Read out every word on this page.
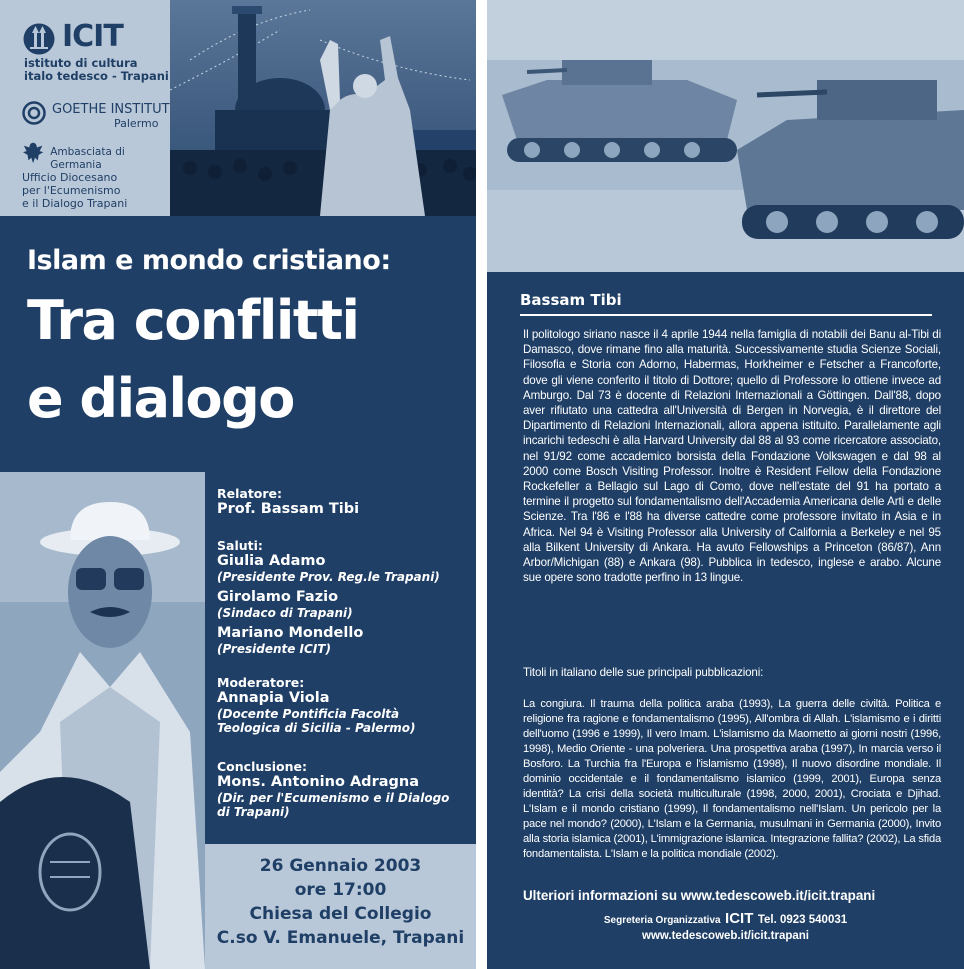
ICIT
istituto di cultura
italo tedesco - Trapani
GOETHE INSTITUT
Palermo
Ambasciata di Germania
Ufficio Diocesano
per l'Ecumenismo
e il Dialogo Trapani
Islam e mondo cristiano:
Tra conflitti
e dialogo
Relatore:
Prof. Bassam Tibi
Saluti:
Giulia Adamo
(Presidente Prov. Reg.le Trapani)
Girolamo Fazio
(Sindaco di Trapani)
Mariano Mondello
(Presidente ICIT)
Moderatore:
Annapia Viola
(Docente Pontificia Facoltà
Teologica di Sicilia - Palermo)
Conclusione:
Mons. Antonino Adragna
(Dir. per l'Ecumenismo e il Dialogo
di Trapani)
26 Gennaio 2003
ore 17:00
Chiesa del Collegio
C.so V. Emanuele, Trapani
Bassam Tibi
Il politologo siriano nasce il 4 aprile 1944 nella famiglia di notabili dei Banu al-Tibi di Damasco, dove rimane fino alla maturità. Successivamente studia Scienze Sociali, Filosofia e Storia con Adorno, Habermas, Horkheimer e Fetscher a Francoforte, dove gli viene conferito il titolo di Dottore; quello di Professore lo ottiene invece ad Amburgo. Dal 73 è docente di Relazioni Internazionali a Göttingen. Dall'88, dopo aver rifiutato una cattedra all'Università di Bergen in Norvegia, è il direttore del Dipartimento di Relazioni Internazionali, allora appena istituito. Parallelamente agli incarichi tedeschi è alla Harvard University dal 88 al 93 come ricercatore associato, nel 91/92 come accademico borsista della Fondazione Volkswagen e dal 98 al 2000 come Bosch Visiting Professor. Inoltre è Resident Fellow della Fondazione Rockefeller a Bellagio sul Lago di Como, dove nell'estate del 91 ha portato a termine il progetto sul fondamentalismo dell'Accademia Americana delle Arti e delle Scienze. Tra l'86 e l'88 ha diverse cattedre come professore invitato in Asia e in Africa. Nel 94 è Visiting Professor alla University of California a Berkeley e nel 95 alla Bilkent University di Ankara. Ha avuto Fellowships a Princeton (86/87), Ann Arbor/Michigan (88) e Ankara (98). Pubblica in tedesco, inglese e arabo. Alcune sue opere sono tradotte perfino in 13 lingue.
Titoli in italiano delle sue principali pubblicazioni:
La congiura. Il trauma della politica araba (1993), La guerra delle civiltà. Politica e religione fra ragione e fondamentalismo (1995), All'ombra di Allah. L'islamismo e i diritti dell'uomo (1996 e 1999), Il vero Imam. L'islamismo da Maometto ai giorni nostri (1996, 1998), Medio Oriente - una polveriera. Una prospettiva araba (1997), In marcia verso il Bosforo. La Turchia fra l'Europa e l'islamismo (1998), Il nuovo disordine mondiale. Il dominio occidentale e il fondamentalismo islamico (1999, 2001), Europa senza identità? La crisi della società multiculturale (1998, 2000, 2001), Crociata e Djihad. L'Islam e il mondo cristiano (1999), Il fondamentalismo nell'Islam. Un pericolo per la pace nel mondo? (2000), L'Islam e la Germania, musulmani in Germania (2000), Invito alla storia islamica (2001), L'immigrazione islamica. Integrazione fallita? (2002), La sfida fondamentalista. L'Islam e la politica mondiale (2002).
Ulteriori informazioni su www.tedescoweb.it/icit.trapani
Segreteria Organizzativa ICIT Tel. 0923 540031
www.tedescoweb.it/icit.trapani
